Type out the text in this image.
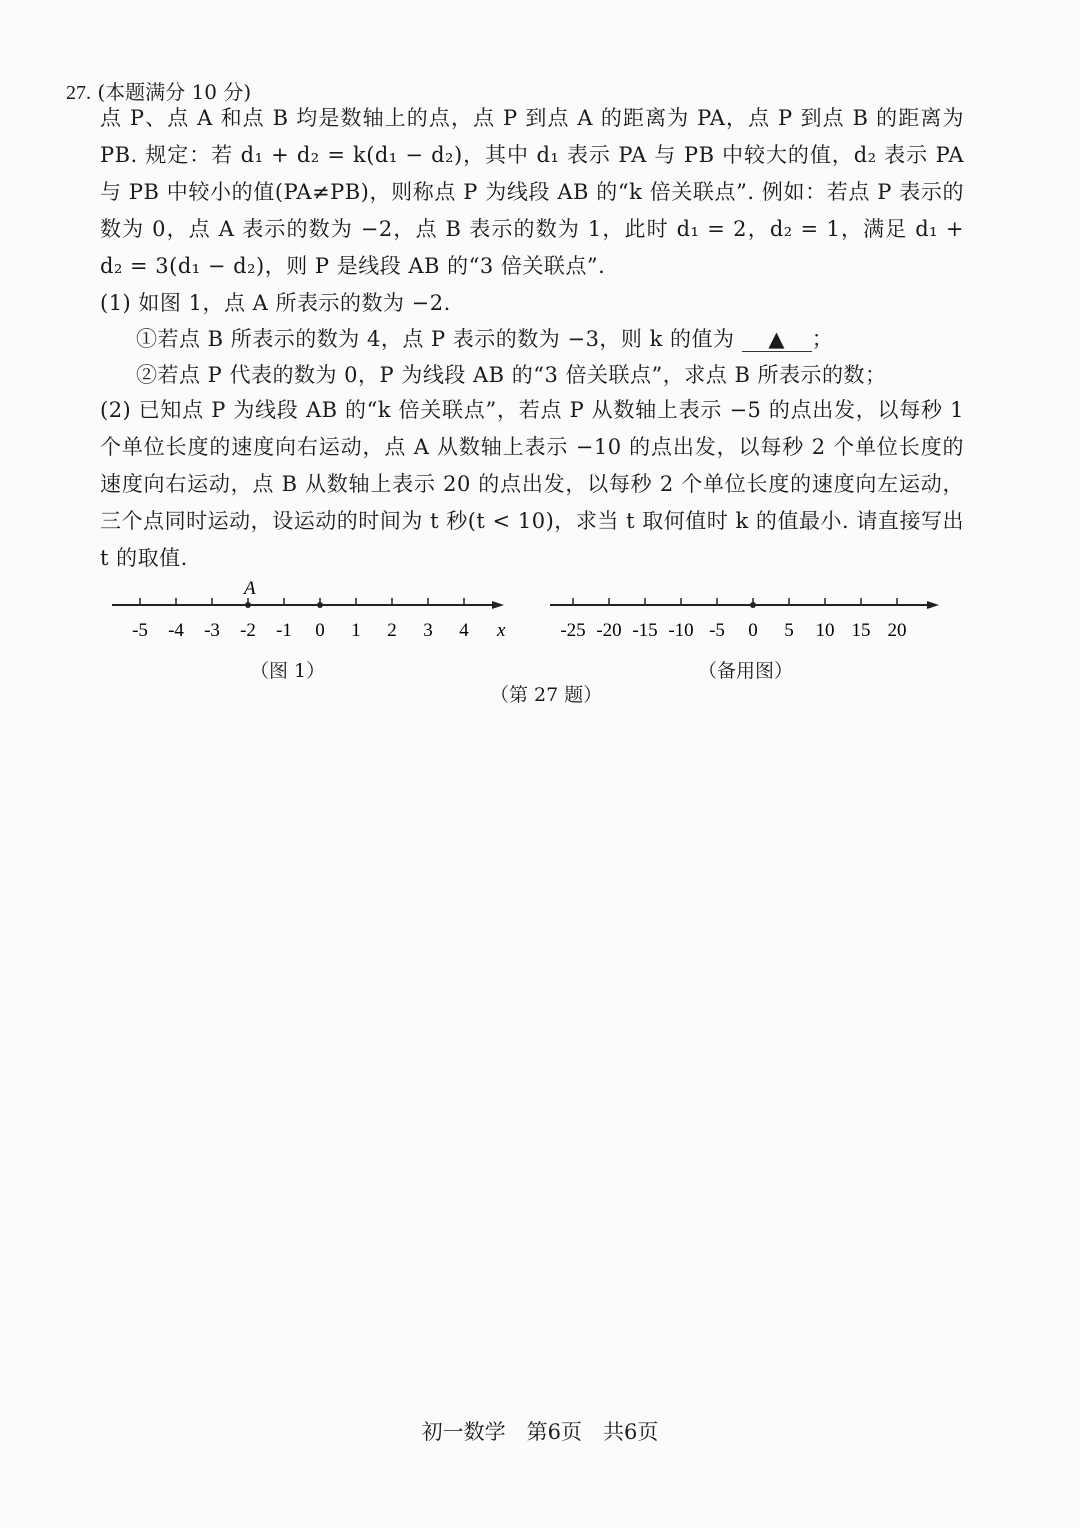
27. (本题满分 10 分)
点 P、点 A 和点 B 均是数轴上的点，点 P 到点 A 的距离为 PA，点 P 到点 B 的距离为 PB. 规定：若 d₁ + d₂ = k(d₁ − d₂)，其中 d₁ 表示 PA 与 PB 中较大的值，d₂ 表示 PA 与 PB 中较小的值(PA≠PB)，则称点 P 为线段 AB 的“k 倍关联点”. 例如：若点 P 表示的数为 0，点 A 表示的数为 −2，点 B 表示的数为 1，此时 d₁ = 2，d₂ = 1，满足 d₁ + d₂ = 3(d₁ − d₂)，则 P 是线段 AB 的“3 倍关联点”.
(1) 如图 1，点 A 所表示的数为 −2.
①若点 B 所表示的数为 4，点 P 表示的数为 −3，则 k 的值为 ▲ ；
②若点 P 代表的数为 0，P 为线段 AB 的“3 倍关联点”，求点 B 所表示的数；
(2) 已知点 P 为线段 AB 的“k 倍关联点”，若点 P 从数轴上表示 −5 的点出发，以每秒 1 个单位长度的速度向右运动，点 A 从数轴上表示 −10 的点出发，以每秒 2 个单位长度的速度向右运动，点 B 从数轴上表示 20 的点出发，以每秒 2 个单位长度的速度向左运动，三个点同时运动，设运动的时间为 t 秒(t < 10)，求当 t 取何值时 k 的值最小. 请直接写出 t 的取值.
-5 -4 -3 -2 -1 0 1 2 3 4 x
A
-25 -20 -15 -10 -5 0 5 10 15 20
（图 1）	（备用图）
（第 27 题）
初一数学　第6页　共6页
